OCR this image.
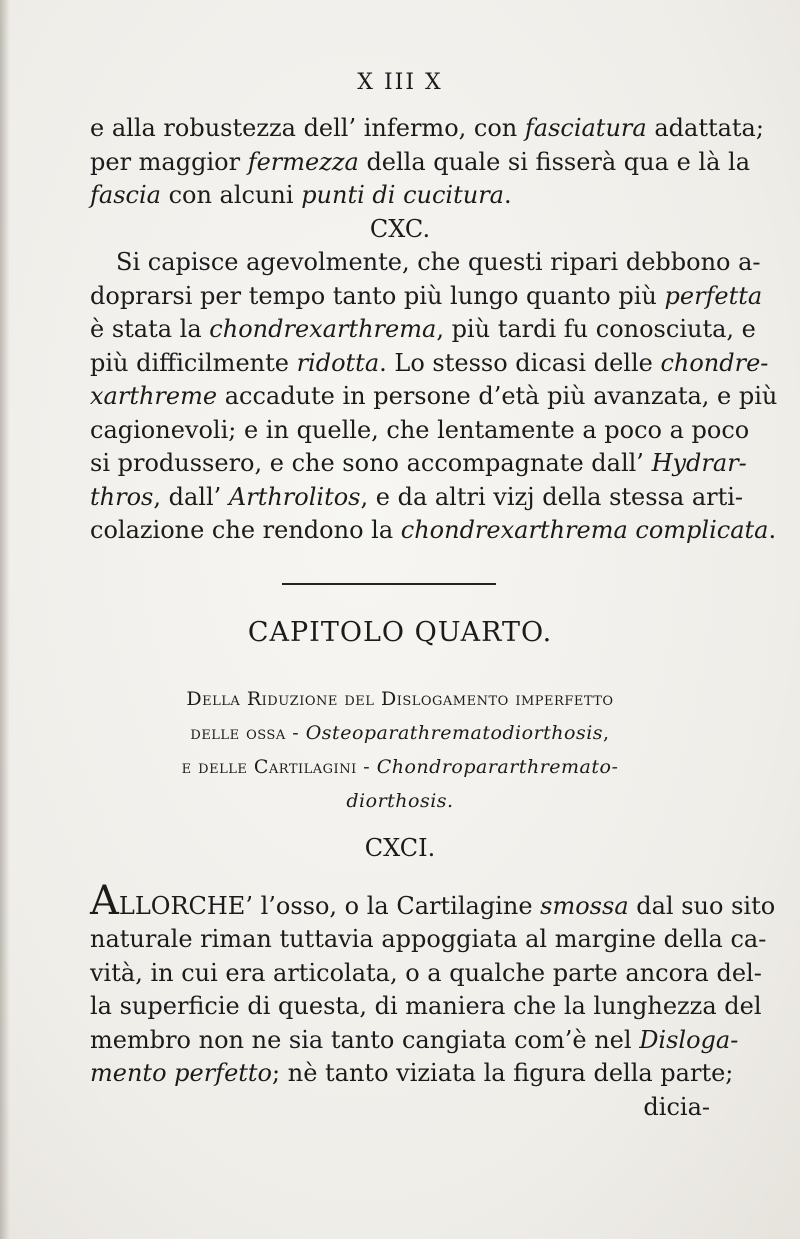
X III X
e alla robustezza dell’ infermo, con fasciatura adattata;
per maggior fermezza della quale si fisserà qua e là la
fascia con alcuni punti di cucitura.
CXC.
Si capisce agevolmente, che questi ripari debbono a-
doprarsi per tempo tanto più lungo quanto più perfetta
è stata la chondrexarthrema, più tardi fu conosciuta, e
più difficilmente ridotta. Lo stesso dicasi delle chondre-
xarthreme accadute in persone d’età più avanzata, e più
cagionevoli; e in quelle, che lentamente a poco a poco
si produssero, e che sono accompagnate dall’ Hydrar-
thros, dall’ Arthrolitos, e da altri vizj della stessa arti-
colazione che rendono la chondrexarthrema complicata.
CAPITOLO QUARTO.
Della Riduzione del Dislogamento imperfetto
delle ossa - Osteoparathrematodiorthosis,
e delle Cartilagini - Chondropararthremato-
diorthosis.
CXCI.
ALLORCHE’ l’osso, o la Cartilagine smossa dal suo sito
naturale riman tuttavia appoggiata al margine della ca-
vità, in cui era articolata, o a qualche parte ancora del-
la superficie di questa, di maniera che la lunghezza del
membro non ne sia tanto cangiata com’è nel Disloga-
mento perfetto; nè tanto viziata la figura della parte;
dicia-
